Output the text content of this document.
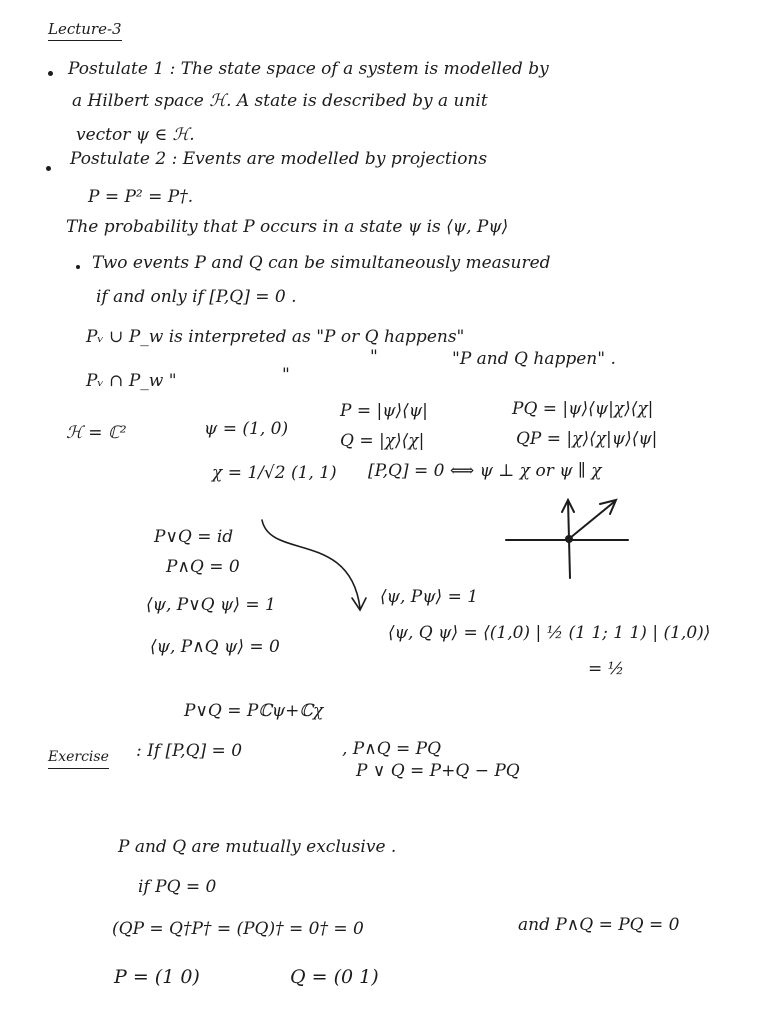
Lecture-3
Postulate 1 : The state space of a system is modelled by
a Hilbert space ℋ. A state is described by a unit
vector ψ ∈ ℋ.
Postulate 2 : Events are modelled by projections
P = P² = P†.
The probability that P occurs in a state ψ is ⟨ψ, Pψ⟩
Two events P and Q can be simultaneously measured
if and only if [P,Q] = 0 .
Pᵥ ∪ P_w is interpreted as "P or Q happens"
"P and Q happen" .
Pᵥ ∩ P_w "	"
"
ℋ = ℂ²	ψ = (1, 0)
P = |ψ⟩⟨ψ|	PQ = |ψ⟩⟨ψ|χ⟩⟨χ|
Q = |χ⟩⟨χ|	QP = |χ⟩⟨χ|ψ⟩⟨ψ|
χ = 1/√2 (1, 1) [P,Q] = 0 ⟺ ψ ⊥ χ or ψ ∥ χ
P∨Q = id
P∧Q = 0
⟨ψ, P∨Q ψ⟩ = 1	⟨ψ, Pψ⟩ = 1
⟨ψ, Q ψ⟩ = ⟨(1,0) | ½ (1 1; 1 1) | (1,0)⟩
⟨ψ, P∧Q ψ⟩ = 0
= ½
P∨Q = Pℂψ+ℂχ
Exercise : If [P,Q] = 0	, P∧Q = PQ
P ∨ Q = P+Q − PQ
P and Q are mutually exclusive .
if PQ = 0
(QP = Q†P† = (PQ)† = 0† = 0	and P∧Q = PQ = 0
P = (1 0)	Q = (0 1)
